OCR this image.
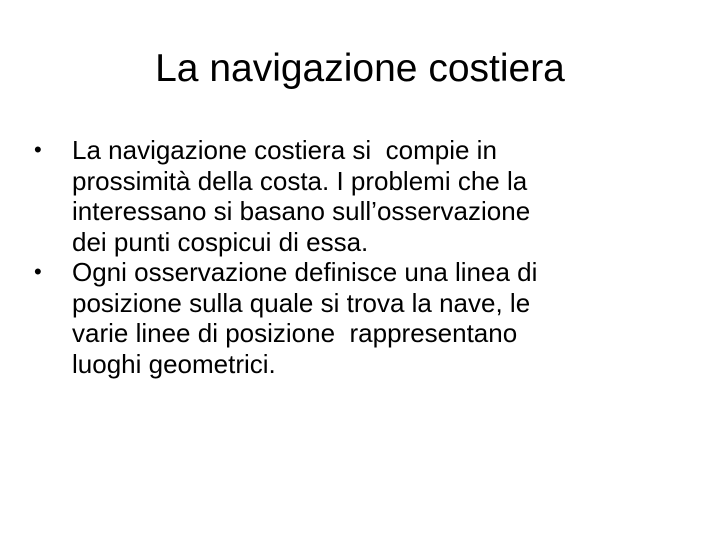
La navigazione costiera
•	La navigazione costiera si  compie in
prossimità della costa. I problemi che la
interessano si basano sull’osservazione
dei punti cospicui di essa.
•	Ogni osservazione definisce una linea di
posizione sulla quale si trova la nave, le
varie linee di posizione  rappresentano
luoghi geometrici.
